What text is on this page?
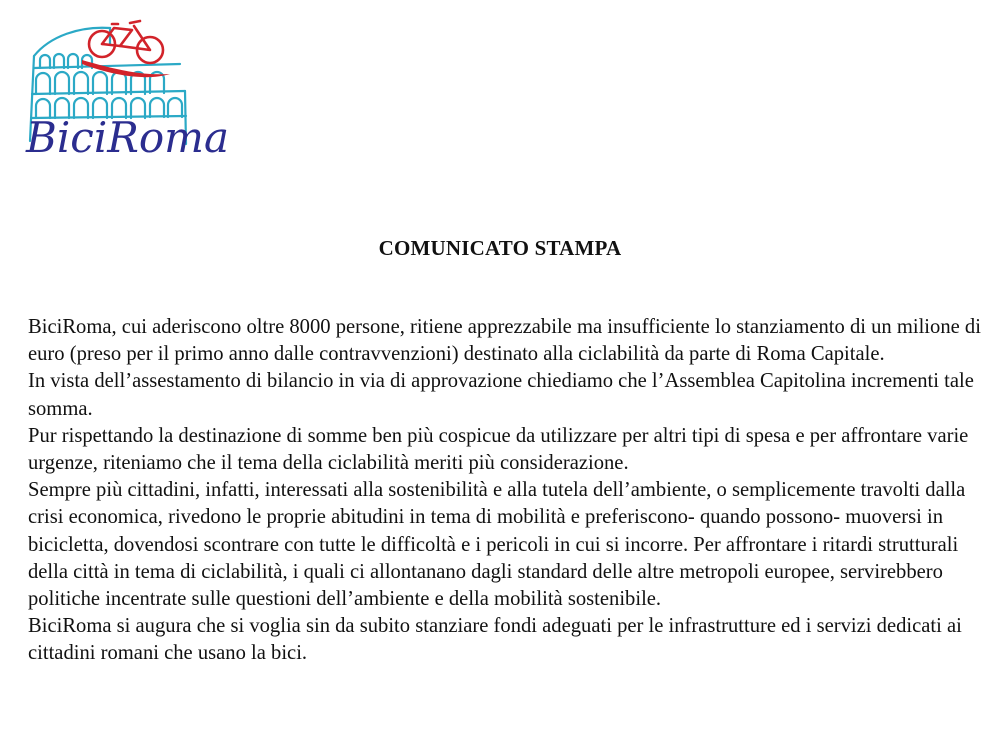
BiciRoma
COMUNICATO STAMPA

BiciRoma, cui aderiscono oltre 8000 persone, ritiene apprezzabile ma insufficiente lo stanziamento di un milione di euro (preso per il primo anno dalle contravvenzioni) destinato alla ciclabilità da parte di Roma Capitale.

In vista dell’assestamento di bilancio in via di approvazione chiediamo che l’Assemblea Capitolina incrementi tale somma.

Pur rispettando la destinazione di somme ben più cospicue da utilizzare per altri tipi di spesa e per affrontare varie urgenze, riteniamo che il tema della ciclabilità meriti più considerazione.

Sempre più cittadini, infatti, interessati alla sostenibilità e alla tutela dell’ambiente, o semplicemente travolti dalla crisi economica, rivedono le proprie abitudini in tema di mobilità e preferiscono- quando possono- muoversi in bicicletta, dovendosi scontrare con tutte le difficoltà e i pericoli in cui si incorre. Per affrontare i ritardi strutturali della città in tema di ciclabilità, i quali ci allontanano dagli standard delle altre metropoli europee, servirebbero politiche incentrate sulle questioni dell’ambiente e della mobilità sostenibile.

BiciRoma si augura che si voglia sin da subito stanziare fondi adeguati per le infrastrutture ed i servizi dedicati ai cittadini romani che usano la bici.
